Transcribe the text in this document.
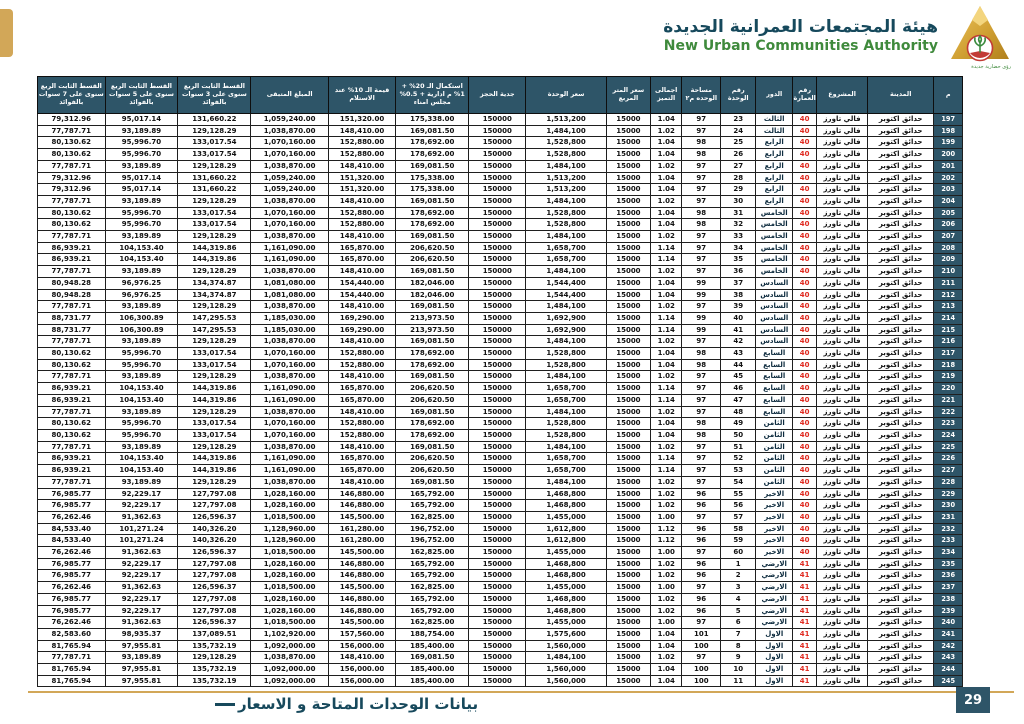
هيئة المجتمعات العمرانية الجديدة
New Urban Communities Authority
رؤى حضارية جديدة
م	المدينة	المشروع	رقم العمارة	الدور	رقم الوحدة	مساحة الوحده م٢	اجمالى التميز	سعر المتر المربع	سعر الوحدة	جدية الحجز	استكمال الـ 20% + 1% م ادارية + 0.5% مجلس امناء	قيمة الـ 10% عند الاستلام	المبلغ المتبقى	القسط الثابت الربع سنوى على 3 سنوات بالفوائد	القسط الثابت الربع سنوى على 5 سنوات بالفوائد	القسط الثابت الربع سنوى على 7 سنوات بالفوائد
197	حدائق اكتوبر	فالي تاورز	40	الثالث	23	97	1.04	15000	1,513,200	150000	175,338.00	151,320.00	1,059,240.00	131,660.22	95,017.14	79,312.96
198	حدائق اكتوبر	فالي تاورز	40	الثالث	24	97	1.02	15000	1,484,100	150000	169,081.50	148,410.00	1,038,870.00	129,128.29	93,189.89	77,787.71
199	حدائق اكتوبر	فالي تاورز	40	الرابع	25	98	1.04	15000	1,528,800	150000	178,692.00	152,880.00	1,070,160.00	133,017.54	95,996.70	80,130.62
200	حدائق اكتوبر	فالي تاورز	40	الرابع	26	98	1.04	15000	1,528,800	150000	178,692.00	152,880.00	1,070,160.00	133,017.54	95,996.70	80,130.62
201	حدائق اكتوبر	فالي تاورز	40	الرابع	27	97	1.02	15000	1,484,100	150000	169,081.50	148,410.00	1,038,870.00	129,128.29	93,189.89	77,787.71
202	حدائق اكتوبر	فالي تاورز	40	الرابع	28	97	1.04	15000	1,513,200	150000	175,338.00	151,320.00	1,059,240.00	131,660.22	95,017.14	79,312.96
203	حدائق اكتوبر	فالي تاورز	40	الرابع	29	97	1.04	15000	1,513,200	150000	175,338.00	151,320.00	1,059,240.00	131,660.22	95,017.14	79,312.96
204	حدائق اكتوبر	فالي تاورز	40	الرابع	30	97	1.02	15000	1,484,100	150000	169,081.50	148,410.00	1,038,870.00	129,128.29	93,189.89	77,787.71
205	حدائق اكتوبر	فالي تاورز	40	الخامس	31	98	1.04	15000	1,528,800	150000	178,692.00	152,880.00	1,070,160.00	133,017.54	95,996.70	80,130.62
206	حدائق اكتوبر	فالي تاورز	40	الخامس	32	98	1.04	15000	1,528,800	150000	178,692.00	152,880.00	1,070,160.00	133,017.54	95,996.70	80,130.62
207	حدائق اكتوبر	فالي تاورز	40	الخامس	33	97	1.02	15000	1,484,100	150000	169,081.50	148,410.00	1,038,870.00	129,128.29	93,189.89	77,787.71
208	حدائق اكتوبر	فالي تاورز	40	الخامس	34	97	1.14	15000	1,658,700	150000	206,620.50	165,870.00	1,161,090.00	144,319.86	104,153.40	86,939.21
209	حدائق اكتوبر	فالي تاورز	40	الخامس	35	97	1.14	15000	1,658,700	150000	206,620.50	165,870.00	1,161,090.00	144,319.86	104,153.40	86,939.21
210	حدائق اكتوبر	فالي تاورز	40	الخامس	36	97	1.02	15000	1,484,100	150000	169,081.50	148,410.00	1,038,870.00	129,128.29	93,189.89	77,787.71
211	حدائق اكتوبر	فالي تاورز	40	السادس	37	99	1.04	15000	1,544,400	150000	182,046.00	154,440.00	1,081,080.00	134,374.87	96,976.25	80,948.28
212	حدائق اكتوبر	فالي تاورز	40	السادس	38	99	1.04	15000	1,544,400	150000	182,046.00	154,440.00	1,081,080.00	134,374.87	96,976.25	80,948.28
213	حدائق اكتوبر	فالي تاورز	40	السادس	39	97	1.02	15000	1,484,100	150000	169,081.50	148,410.00	1,038,870.00	129,128.29	93,189.89	77,787.71
214	حدائق اكتوبر	فالي تاورز	40	السادس	40	99	1.14	15000	1,692,900	150000	213,973.50	169,290.00	1,185,030.00	147,295.53	106,300.89	88,731.77
215	حدائق اكتوبر	فالي تاورز	40	السادس	41	99	1.14	15000	1,692,900	150000	213,973.50	169,290.00	1,185,030.00	147,295.53	106,300.89	88,731.77
216	حدائق اكتوبر	فالي تاورز	40	السادس	42	97	1.02	15000	1,484,100	150000	169,081.50	148,410.00	1,038,870.00	129,128.29	93,189.89	77,787.71
217	حدائق اكتوبر	فالي تاورز	40	السابع	43	98	1.04	15000	1,528,800	150000	178,692.00	152,880.00	1,070,160.00	133,017.54	95,996.70	80,130.62
218	حدائق اكتوبر	فالي تاورز	40	السابع	44	98	1.04	15000	1,528,800	150000	178,692.00	152,880.00	1,070,160.00	133,017.54	95,996.70	80,130.62
219	حدائق اكتوبر	فالي تاورز	40	السابع	45	97	1.02	15000	1,484,100	150000	169,081.50	148,410.00	1,038,870.00	129,128.29	93,189.89	77,787.71
220	حدائق اكتوبر	فالي تاورز	40	السابع	46	97	1.14	15000	1,658,700	150000	206,620.50	165,870.00	1,161,090.00	144,319.86	104,153.40	86,939.21
221	حدائق اكتوبر	فالي تاورز	40	السابع	47	97	1.14	15000	1,658,700	150000	206,620.50	165,870.00	1,161,090.00	144,319.86	104,153.40	86,939.21
222	حدائق اكتوبر	فالي تاورز	40	السابع	48	97	1.02	15000	1,484,100	150000	169,081.50	148,410.00	1,038,870.00	129,128.29	93,189.89	77,787.71
223	حدائق اكتوبر	فالي تاورز	40	الثامن	49	98	1.04	15000	1,528,800	150000	178,692.00	152,880.00	1,070,160.00	133,017.54	95,996.70	80,130.62
224	حدائق اكتوبر	فالي تاورز	40	الثامن	50	98	1.04	15000	1,528,800	150000	178,692.00	152,880.00	1,070,160.00	133,017.54	95,996.70	80,130.62
225	حدائق اكتوبر	فالي تاورز	40	الثامن	51	97	1.02	15000	1,484,100	150000	169,081.50	148,410.00	1,038,870.00	129,128.29	93,189.89	77,787.71
226	حدائق اكتوبر	فالي تاورز	40	الثامن	52	97	1.14	15000	1,658,700	150000	206,620.50	165,870.00	1,161,090.00	144,319.86	104,153.40	86,939.21
227	حدائق اكتوبر	فالي تاورز	40	الثامن	53	97	1.14	15000	1,658,700	150000	206,620.50	165,870.00	1,161,090.00	144,319.86	104,153.40	86,939.21
228	حدائق اكتوبر	فالي تاورز	40	الثامن	54	97	1.02	15000	1,484,100	150000	169,081.50	148,410.00	1,038,870.00	129,128.29	93,189.89	77,787.71
229	حدائق اكتوبر	فالي تاورز	40	الاخير	55	96	1.02	15000	1,468,800	150000	165,792.00	146,880.00	1,028,160.00	127,797.08	92,229.17	76,985.77
230	حدائق اكتوبر	فالي تاورز	40	الاخير	56	96	1.02	15000	1,468,800	150000	165,792.00	146,880.00	1,028,160.00	127,797.08	92,229.17	76,985.77
231	حدائق اكتوبر	فالي تاورز	40	الاخير	57	97	1.00	15000	1,455,000	150000	162,825.00	145,500.00	1,018,500.00	126,596.37	91,362.63	76,262.46
232	حدائق اكتوبر	فالي تاورز	40	الاخير	58	96	1.12	15000	1,612,800	150000	196,752.00	161,280.00	1,128,960.00	140,326.20	101,271.24	84,533.40
233	حدائق اكتوبر	فالي تاورز	40	الاخير	59	96	1.12	15000	1,612,800	150000	196,752.00	161,280.00	1,128,960.00	140,326.20	101,271.24	84,533.40
234	حدائق اكتوبر	فالي تاورز	40	الاخير	60	97	1.00	15000	1,455,000	150000	162,825.00	145,500.00	1,018,500.00	126,596.37	91,362.63	76,262.46
235	حدائق اكتوبر	فالي تاورز	41	الارضي	1	96	1.02	15000	1,468,800	150000	165,792.00	146,880.00	1,028,160.00	127,797.08	92,229.17	76,985.77
236	حدائق اكتوبر	فالي تاورز	41	الارضي	2	96	1.02	15000	1,468,800	150000	165,792.00	146,880.00	1,028,160.00	127,797.08	92,229.17	76,985.77
237	حدائق اكتوبر	فالي تاورز	41	الارضي	3	97	1.00	15000	1,455,000	150000	162,825.00	145,500.00	1,018,500.00	126,596.37	91,362.63	76,262.46
238	حدائق اكتوبر	فالي تاورز	41	الارضي	4	96	1.02	15000	1,468,800	150000	165,792.00	146,880.00	1,028,160.00	127,797.08	92,229.17	76,985.77
239	حدائق اكتوبر	فالي تاورز	41	الارضي	5	96	1.02	15000	1,468,800	150000	165,792.00	146,880.00	1,028,160.00	127,797.08	92,229.17	76,985.77
240	حدائق اكتوبر	فالي تاورز	41	الارضي	6	97	1.00	15000	1,455,000	150000	162,825.00	145,500.00	1,018,500.00	126,596.37	91,362.63	76,262.46
241	حدائق اكتوبر	فالي تاورز	41	الاول	7	101	1.04	15000	1,575,600	150000	188,754.00	157,560.00	1,102,920.00	137,089.51	98,935.37	82,583.60
242	حدائق اكتوبر	فالي تاورز	41	الاول	8	100	1.04	15000	1,560,000	150000	185,400.00	156,000.00	1,092,000.00	135,732.19	97,955.81	81,765.94
243	حدائق اكتوبر	فالي تاورز	41	الاول	9	97	1.02	15000	1,484,100	150000	169,081.50	148,410.00	1,038,870.00	129,128.29	93,189.89	77,787.71
244	حدائق اكتوبر	فالي تاورز	41	الاول	10	100	1.04	15000	1,560,000	150000	185,400.00	156,000.00	1,092,000.00	135,732.19	97,955.81	81,765.94
245	حدائق اكتوبر	فالي تاورز	41	الاول	11	100	1.04	15000	1,560,000	150000	185,400.00	156,000.00	1,092,000.00	135,732.19	97,955.81	81,765.94
بيانات الوحدات المتاحة و الاسعار	29
